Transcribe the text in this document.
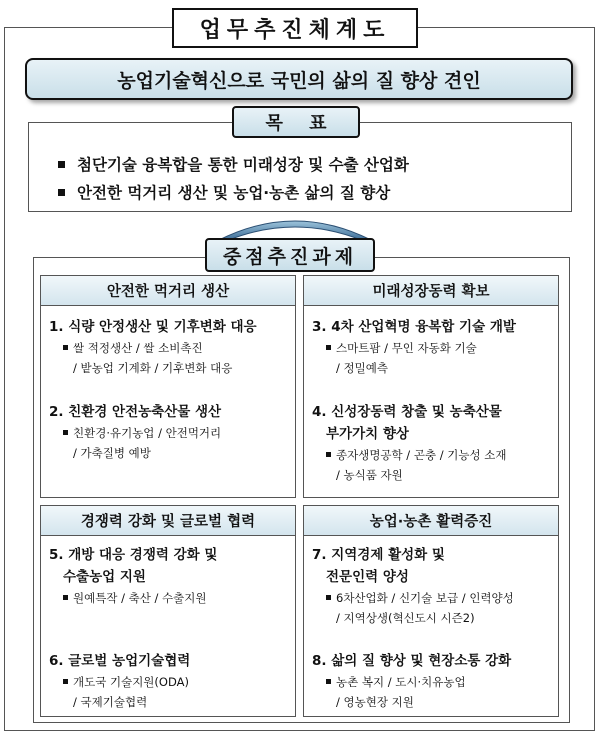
업무추진체계도
농업기술혁신으로 국민의 삶의 질 향상 견인
목 표
첨단기술 융복합을 통한 미래성장 및 수출 산업화
안전한 먹거리 생산 및 농업·농촌 삶의 질 향상
중점추진과제
안전한 먹거리 생산
1. 식량 안정생산 및 기후변화 대응
쌀 적정생산 / 쌀 소비촉진
/ 밭농업 기계화 / 기후변화 대응
2. 친환경 안전농축산물 생산
친환경·유기농업 / 안전먹거리
/ 가축질병 예방
미래성장동력 확보
3. 4차 산업혁명 융복합 기술 개발
스마트팜 / 무인 자동화 기술
/ 정밀예측
4. 신성장동력 창출 및 농축산물
부가가치 향상
종자생명공학 / 곤충 / 기능성 소재
/ 농식품 자원
경쟁력 강화 및 글로벌 협력
5. 개방 대응 경쟁력 강화 및
수출농업 지원
원예특작 / 축산 / 수출지원
6. 글로벌 농업기술협력
개도국 기술지원(ODA)
/ 국제기술협력
농업·농촌 활력증진
7. 지역경제 활성화 및
전문인력 양성
6차산업화 / 신기술 보급 / 인력양성
/ 지역상생(혁신도시 시즌2)
8. 삶의 질 향상 및 현장소통 강화
농촌 복지 / 도시·치유농업
/ 영농현장 지원
